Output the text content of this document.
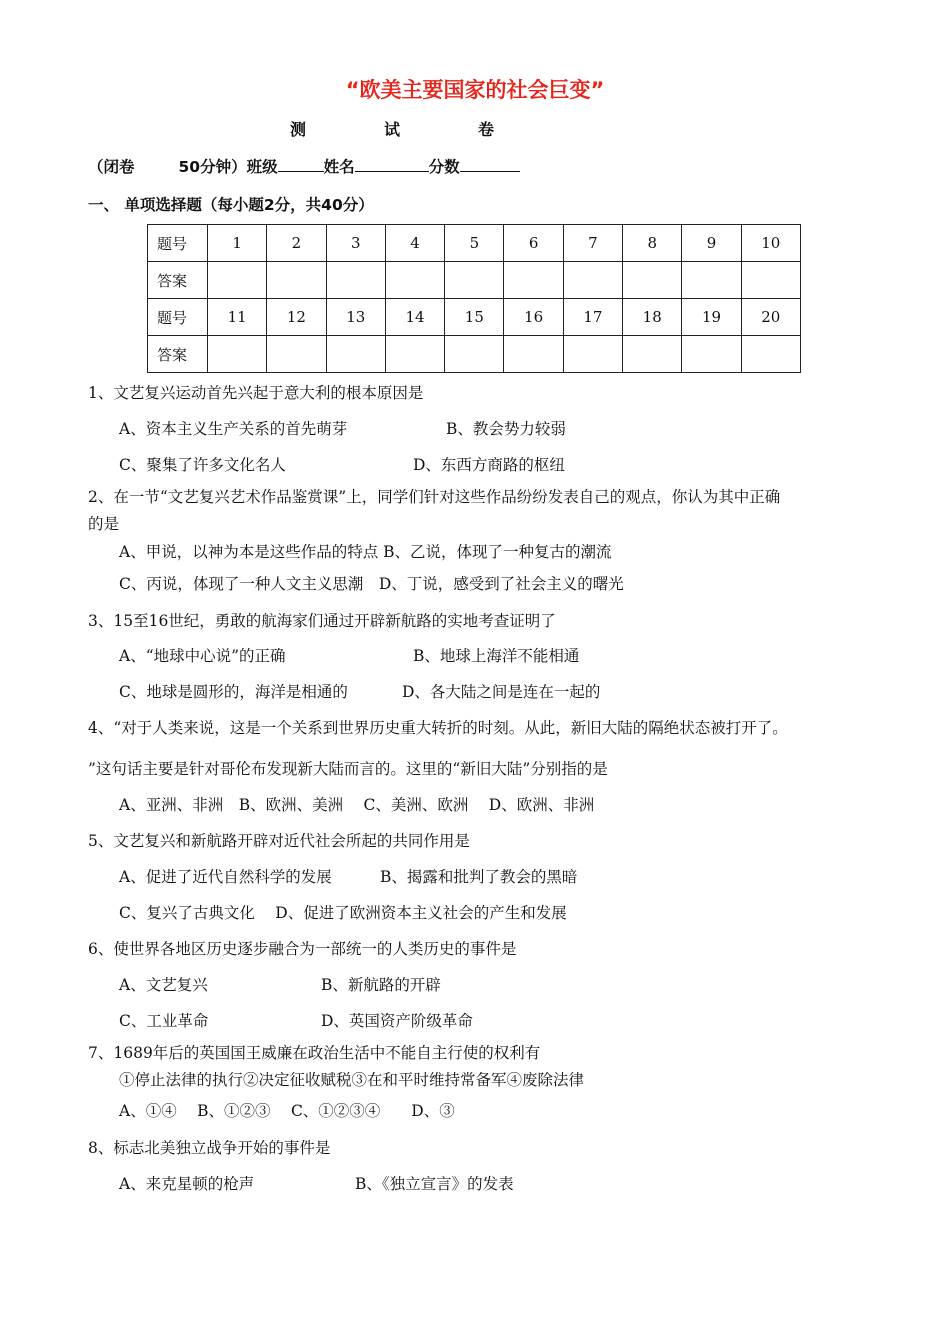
“欧美主要国家的社会巨变”
测	试	卷
（闭卷	50分钟）班级	姓名	分数
一、 单项选择题（每小题2分，共40分）
题号	1	2	3	4	5	6	7	8	9	10
答案										
题号	11	12	13	14	15	16	17	18	19	20
答案										
1、文艺复兴运动首先兴起于意大利的根本原因是
A、资本主义生产关系的首先萌芽	B、教会势力较弱
C、聚集了许多文化名人	D、东西方商路的枢纽
2、在一节“文艺复兴艺术作品鉴赏课”上，同学们针对这些作品纷纷发表自己的观点，你认为其中正确
的是
A、甲说，以神为本是这些作品的特点 B、乙说，体现了一种复古的潮流
C、丙说，体现了一种人文主义思潮　D、丁说，感受到了社会主义的曙光
3、15至16世纪，勇敢的航海家们通过开辟新航路的实地考查证明了
A、“地球中心说”的正确	B、地球上海洋不能相通
C、地球是圆形的，海洋是相通的	D、各大陆之间是连在一起的
4、“对于人类来说，这是一个关系到世界历史重大转折的时刻。从此，新旧大陆的隔绝状态被打开了。
”这句话主要是针对哥伦布发现新大陆而言的。这里的“新旧大陆”分别指的是
A、亚洲、非洲　B、欧洲、美洲　 C、美洲、欧洲　 D、欧洲、非洲
5、文艺复兴和新航路开辟对近代社会所起的共同作用是
A、促进了近代自然科学的发展	B、揭露和批判了教会的黑暗
C、复兴了古典文化　 D、促进了欧洲资本主义社会的产生和发展
6、使世界各地区历史逐步融合为一部统一的人类历史的事件是
A、文艺复兴	B、新航路的开辟
C、工业革命	D、英国资产阶级革命
7、1689年后的英国国王威廉在政治生活中不能自主行使的权利有
①停止法律的执行②决定征收赋税③在和平时维持常备军④废除法律
A、①④　 B、①②③　 C、①②③④　　D、③
8、标志北美独立战争开始的事件是
A、来克星顿的枪声	B、《独立宣言》的发表
